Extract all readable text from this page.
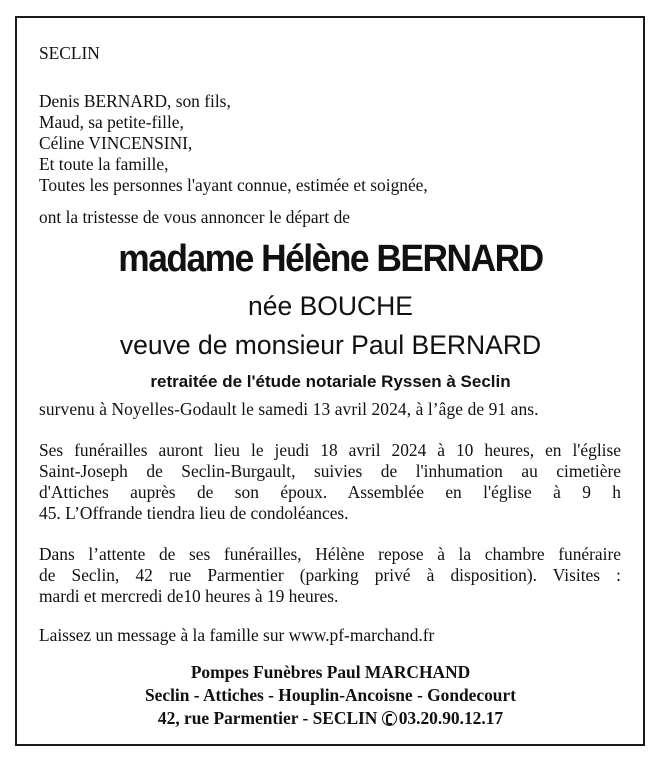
SECLIN
Denis BERNARD, son fils,
Maud, sa petite-fille,
Céline VINCENSINI,
Et toute la famille,
Toutes les personnes l'ayant connue, estimée et soignée,
ont la tristesse de vous annoncer le départ de
madame Hélène BERNARD
née BOUCHE
veuve de monsieur Paul BERNARD
retraitée de l'étude notariale Ryssen à Seclin
survenu à Noyelles-Godault le samedi 13 avril 2024, à l’âge de 91 ans.
Ses funérailles auront lieu le jeudi 18 avril 2024 à 10 heures, en l'église
Saint-Joseph de Seclin-Burgault, suivies de l'inhumation au cimetière
d'Attiches auprès de son époux. Assemblée en l'église à 9 h
45. L’Offrande tiendra lieu de condoléances.
Dans l’attente de ses funérailles, Hélène repose à la chambre funéraire
de Seclin, 42 rue Parmentier (parking privé à disposition). Visites :
mardi et mercredi de10 heures à 19 heures.
Laissez un message à la famille sur www.pf-marchand.fr
Pompes Funèbres Paul MARCHAND
Seclin - Attiches - Houplin-Ancoisne - Gondecourt
42, rue Parmentier - SECLIN 03.20.90.12.17
